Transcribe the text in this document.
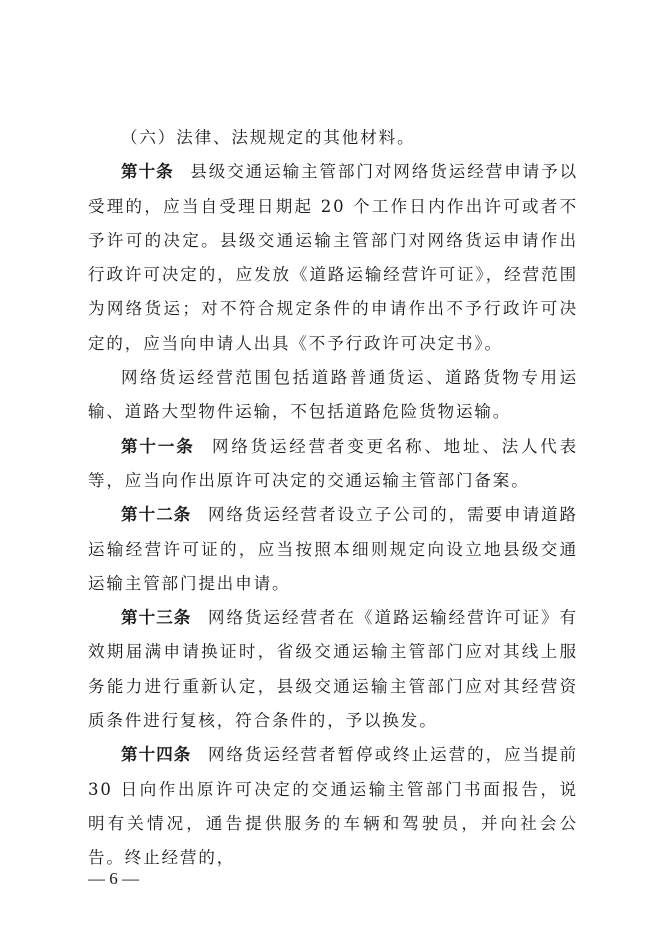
（六）法律、法规规定的其他材料。

第十条 县级交通运输主管部门对网络货运经营申请予以受理的，应当自受理日期起 20 个工作日内作出许可或者不予许可的决定。县级交通运输主管部门对网络货运申请作出行政许可决定的，应发放《道路运输经营许可证》，经营范围为网络货运；对不符合规定条件的申请作出不予行政许可决定的，应当向申请人出具《不予行政许可决定书》。

网络货运经营范围包括道路普通货运、道路货物专用运输、道路大型物件运输，不包括道路危险货物运输。

第十一条 网络货运经营者变更名称、地址、法人代表等，应当向作出原许可决定的交通运输主管部门备案。

第十二条 网络货运经营者设立子公司的，需要申请道路运输经营许可证的，应当按照本细则规定向设立地县级交通运输主管部门提出申请。

第十三条 网络货运经营者在《道路运输经营许可证》有效期届满申请换证时，省级交通运输主管部门应对其线上服务能力进行重新认定，县级交通运输主管部门应对其经营资质条件进行复核，符合条件的，予以换发。

第十四条 网络货运经营者暂停或终止运营的，应当提前 30 日向作出原许可决定的交通运输主管部门书面报告，说明有关情况，通告提供服务的车辆和驾驶员，并向社会公告。终止经营的，

— 6 —
